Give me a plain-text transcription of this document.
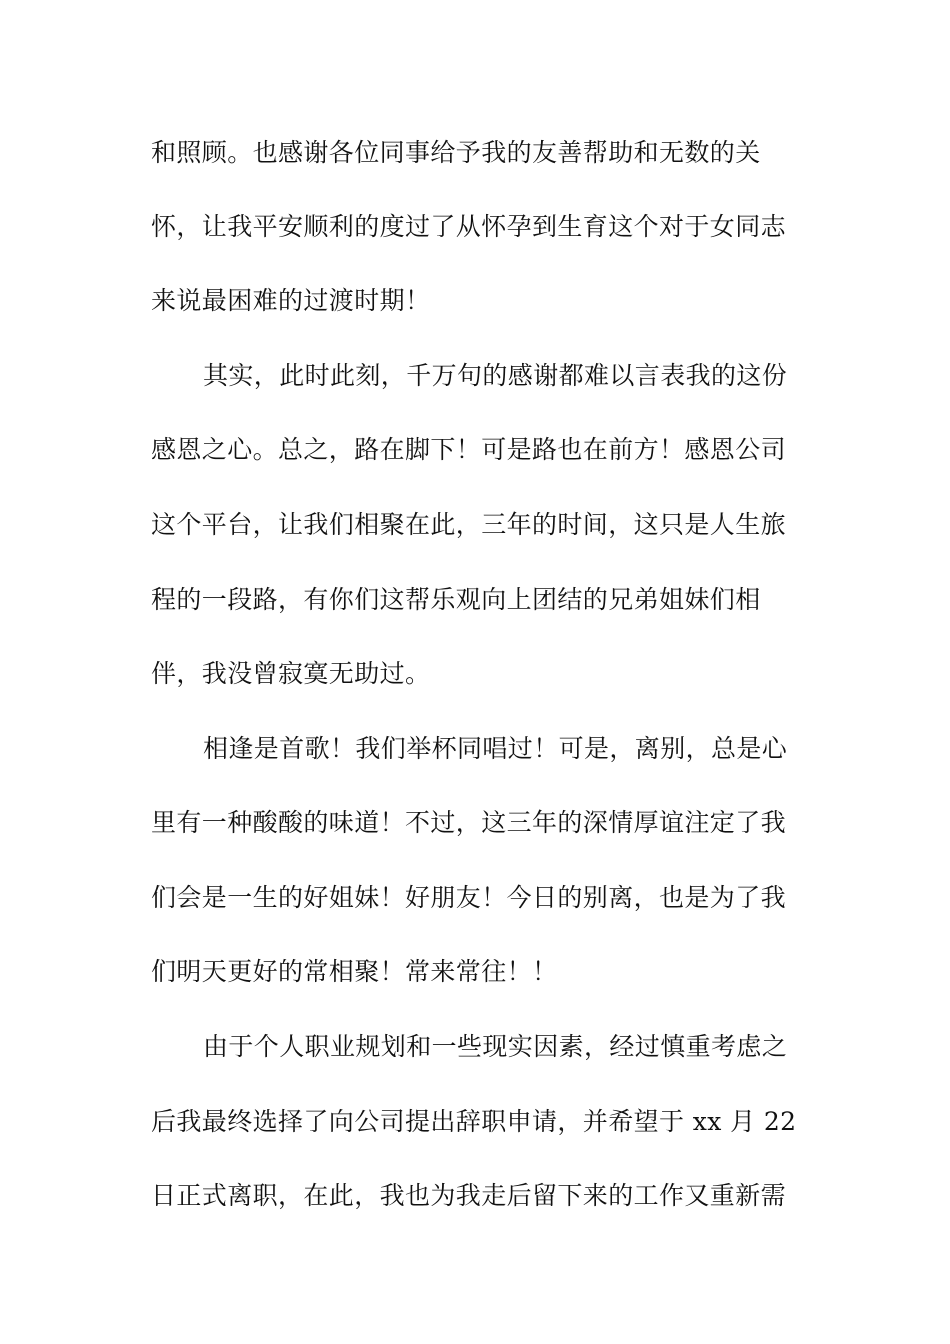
和照顾。也感谢各位同事给予我的友善帮助和无数的关
怀，让我平安顺利的度过了从怀孕到生育这个对于女同志
来说最困难的过渡时期！
其实，此时此刻，千万句的感谢都难以言表我的这份
感恩之心。总之，路在脚下！可是路也在前方！感恩公司
这个平台，让我们相聚在此，三年的时间，这只是人生旅
程的一段路，有你们这帮乐观向上团结的兄弟姐妹们相
伴，我没曾寂寞无助过。
相逢是首歌！我们举杯同唱过！可是，离别，总是心
里有一种酸酸的味道！不过，这三年的深情厚谊注定了我
们会是一生的好姐妹！好朋友！今日的别离，也是为了我
们明天更好的常相聚！常来常往！！
由于个人职业规划和一些现实因素，经过慎重考虑之
后我最终选择了向公司提出辞职申请，并希望于 xx 月 22
日正式离职，在此，我也为我走后留下来的工作又重新需
